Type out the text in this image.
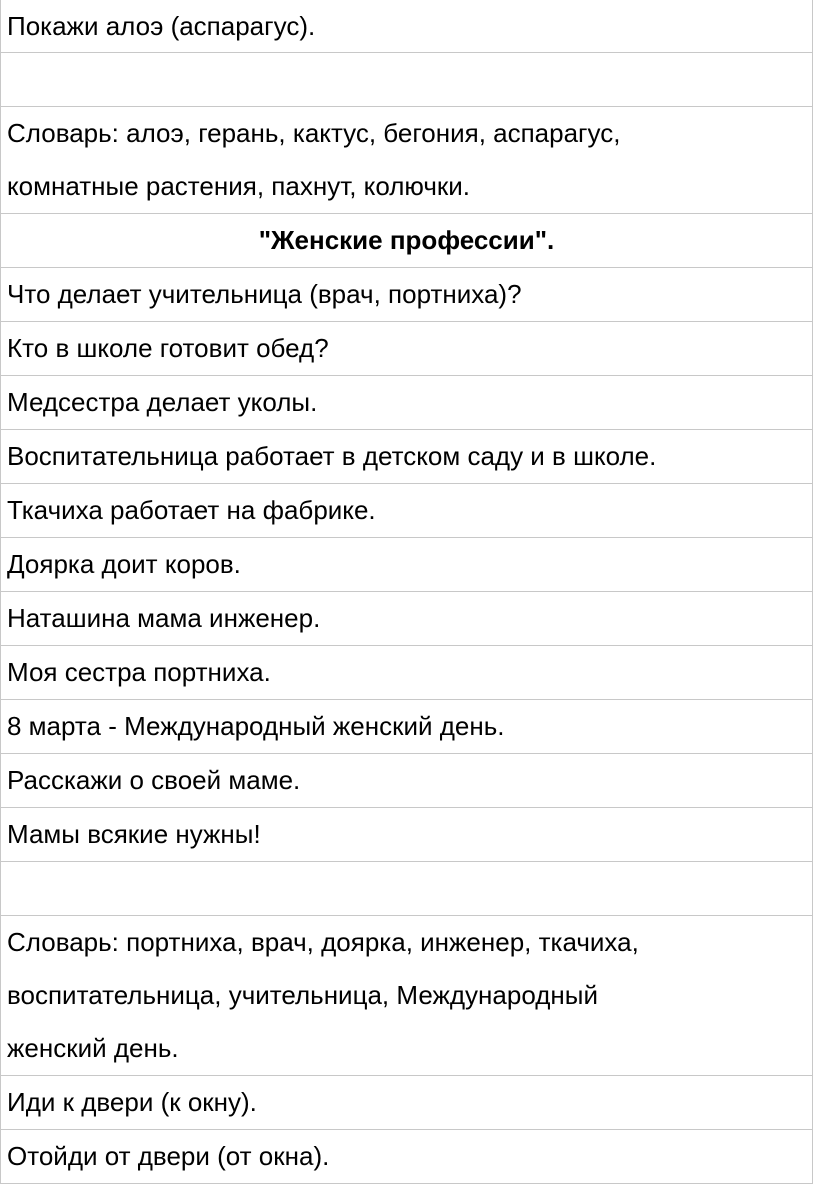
Покажи алоэ (аспарагус).
Словарь: алоэ, герань, кактус, бегония, аспарагус,
комнатные растения, пахнут, колючки.
"Женские профессии".
Что делает учительница (врач, портниха)?
Кто в школе готовит обед?
Медсестра делает уколы.
Воспитательница работает в детском саду и в школе.
Ткачиха работает на фабрике.
Доярка доит коров.
Наташина мама инженер.
Моя сестра портниха.
8 марта - Международный женский день.
Расскажи о своей маме.
Мамы всякие нужны!
Словарь: портниха, врач, доярка, инженер, ткачиха,
воспитательница, учительница, Международный
женский день.
Иди к двери (к окну).
Отойди от двери (от окна).
